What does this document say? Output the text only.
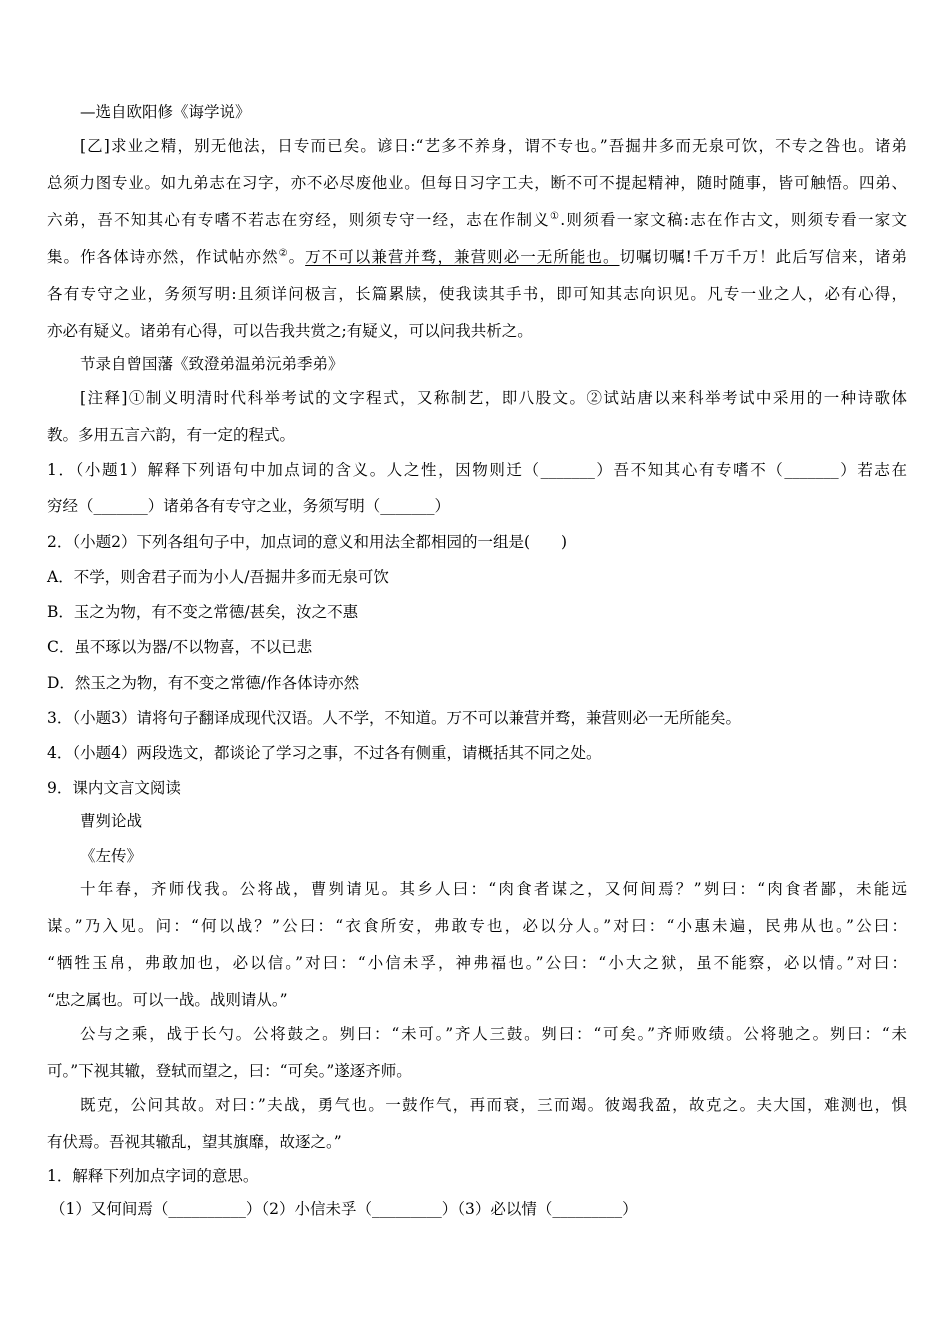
—选自欧阳修《诲学说》
[乙]求业之精，别无他法，日专而已矣。谚日:“艺多不养身，谓不专也。”吾掘井多而无泉可饮，不专之咎也。诸弟
总须力图专业。如九弟志在习字，亦不必尽废他业。但每日习字工夫，断不可不提起精神，随时随事，皆可触悟。四弟、
六弟，吾不知其心有专嗜不若志在穷经，则须专守一经，志在作制义①.则须看一家文稿:志在作古文，则须专看一家文
集。作各体诗亦然，作试帖亦然②。万不可以兼营并骛，兼营则必一无所能也。切嘱切嘱!千万千万！此后写信来，诸弟
各有专守之业，务须写明:且须详问极言，长篇累牍，使我读其手书，即可知其志向识见。凡专一业之人，必有心得，
亦必有疑义。诸弟有心得，可以告我共赏之;有疑义，可以问我共析之。
节录自曾国藩《致澄弟温弟沅弟季弟》
[注释]①制义明清时代科举考试的文字程式，又称制艺，即八股文。②试站唐以来科举考试中采用的一种诗歌体
教。多用五言六韵，有一定的程式。
1．（小题1）解释下列语句中加点词的含义。人之性，因物则迁（_______）吾不知其心有专嗜不（_______）若志在
穷经（_______）诸弟各有专守之业，务须写明（_______）
2．（小题2）下列各组句子中，加点词的意义和用法全都相园的一组是(　　)
A．不学，则舍君子而为小人/吾掘井多而无泉可饮
B．玉之为物，有不变之常德/甚矣，汝之不惠
C．虽不琢以为器/不以物喜，不以已悲
D．然玉之为物，有不变之常德/作各体诗亦然
3．（小题3）请将句子翻译成现代汉语。人不学，不知道。万不可以兼营并骛，兼营则必一无所能矣。
4．（小题4）两段选文，都谈论了学习之事，不过各有侧重，请概括其不同之处。
9．课内文言文阅读
曹刿论战
《左传》
十年春，齐师伐我。公将战，曹刿请见。其乡人曰：“肉食者谋之，又何间焉？”刿曰：“肉食者鄙，未能远
谋。”乃入见。问：“何以战？”公曰：“衣食所安，弗敢专也，必以分人。”对曰：“小惠未遍，民弗从也。”公曰：
“牺牲玉帛，弗敢加也，必以信。”对曰：“小信未孚，神弗福也。”公曰：“小大之狱，虽不能察，必以情。”对曰：
“忠之属也。可以一战。战则请从。”
公与之乘，战于长勺。公将鼓之。刿曰：“未可。”齐人三鼓。刿曰：“可矣。”齐师败绩。公将驰之。刿曰：“未
可。”下视其辙，登轼而望之，曰：“可矣。”遂逐齐师。
既克，公问其故。对曰：”夫战，勇气也。一鼓作气，再而衰，三而竭。彼竭我盈，故克之。夫大国，难测也，惧
有伏焉。吾视其辙乱，望其旗靡，故逐之。”
1．解释下列加点字词的意思。
（1）又何间焉（__________）（2）小信未孚（_________）（3）必以情（_________）
